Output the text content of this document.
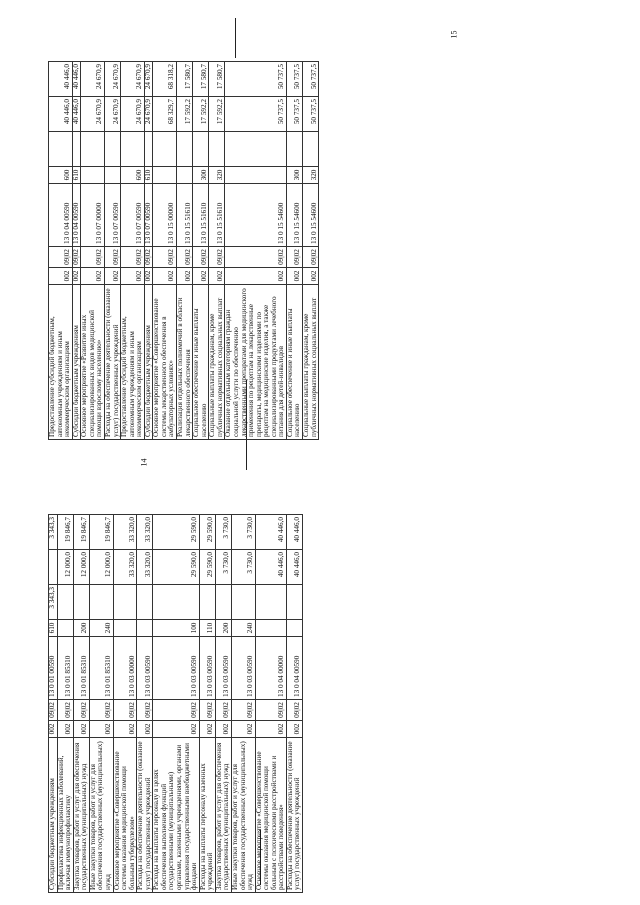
14
15
Субсидии бюджетным учреждениям	002	09|02	13 0 01 00590	610	3 343,3		3 343,3
Профилактика инфекционных заболеваний, включая иммунопрофилактику	002	09|02	13 0 01 85310			12 000,0	19 846,7
Закупка товаров, работ и услуг для обеспечения государственных (муниципальных) нужд	002	09|02	13 0 01 85310	200		12 000,0	19 846,7
Иные закупки товаров, работ и услуг для обеспечения государственных (муниципальных) нужд	002	09|02	13 0 01 85310	240		12 000,0	19 846,7
Основное мероприятие «Совершенствование системы оказания медицинской помощи больным туберкулезом»	002	09|02	13 0 03 00000			33 320,0	33 320,0
Расходы на обеспечение деятельности (оказание услуг) государственных учреждений	002	09|02	13 0 03 00590			33 320,0	33 320,0
Расходы на выплаты персоналу в целях обеспечения выполнения функций государственными (муниципальными) органами, казенными учреждениями, органами управления государственными внебюджетными фондами	002	09|02	13 0 03 00590	100		29 590,0	29 590,0
Расходы на выплаты персоналу казенных учреждений	002	09|02	13 0 03 00590	110		29 590,0	29 590,0
Закупка товаров, работ и услуг для обеспечения государственных (муниципальных) нужд	002	09|02	13 0 03 00590	200		3 730,0	3 730,0
Иные закупки товаров, работ и услуг для обеспечения государственных (муниципальных) нужд	002	09|02	13 0 03 00590	240		3 730,0	3 730,0
Основное мероприятие «Совершенствование системы оказания медицинской помощи больным с психическими расстройствами и расстройствами поведения»	002	09|02	13 0 04 00000			40 446,0	40 446,0
Расходы на обеспечение деятельности (оказание услуг) государственных учреждений	002	09|02	13 0 04 00590			40 446,0	40 446,0
Предоставление субсидий бюджетным, автономным учреждениям и иным некоммерческим организациям	002	09|02	13 0 04 00590	600		40 446,0	40 446,0
Субсидии бюджетным учреждениям	002	09|02	13 0 04 00590	610		40 446,0	40 446,0
Основное мероприятие «Развитие иных специализированных видов медицинской помощи взрослому населению»	002	09|02	13 0 07 00000			24 670,9	24 670,9
Расходы на обеспечение деятельности (оказание услуг) государственных учреждений	002	09|02	13 0 07 00590			24 670,9	24 670,9
Предоставление субсидий бюджетным, автономным учреждениям и иным некоммерческим организациям	002	09|02	13 0 07 00590	600		24 670,9	24 670,9
Субсидии бюджетным учреждениям	002	09|02	13 0 07 00590	610		24 670,9	24 670,9
Основное мероприятие «Совершенствование системы лекарственного обеспечения в амбулаторных условиях»	002	09|02	13 0 15 00000			68 329,7	68 318,2
Реализация отдельных полномочий в области лекарственного обеспечения	002	09|02	13 0 15 51610			17 592,2	17 580,7
Социальное обеспечение и иные выплаты населению	002	09|02	13 0 15 51610	300		17 592,2	17 580,7
Социальные выплаты гражданам, кроме публичных нормативных социальных выплат	002	09|02	13 0 15 51610	320		17 592,2	17 580,7
Оказание отдельным категориям граждан социальной услуги по обеспечению лекарственными препаратами для медицинского применения по рецептам на лекарственные препараты, медицинскими изделиями по рецептам на медицинские изделия, а также специализированными продуктами лечебного питания для детей-инвалидов	002	09|02	13 0 15 54600			50 737,5	50 737,5
Социальное обеспечение и иные выплаты населению	002	09|02	13 0 15 54600	300		50 737,5	50 737,5
Социальные выплаты гражданам, кроме публичных нормативных социальных выплат	002	09|02	13 0 15 54600	320		50 737,5	50 737,5
